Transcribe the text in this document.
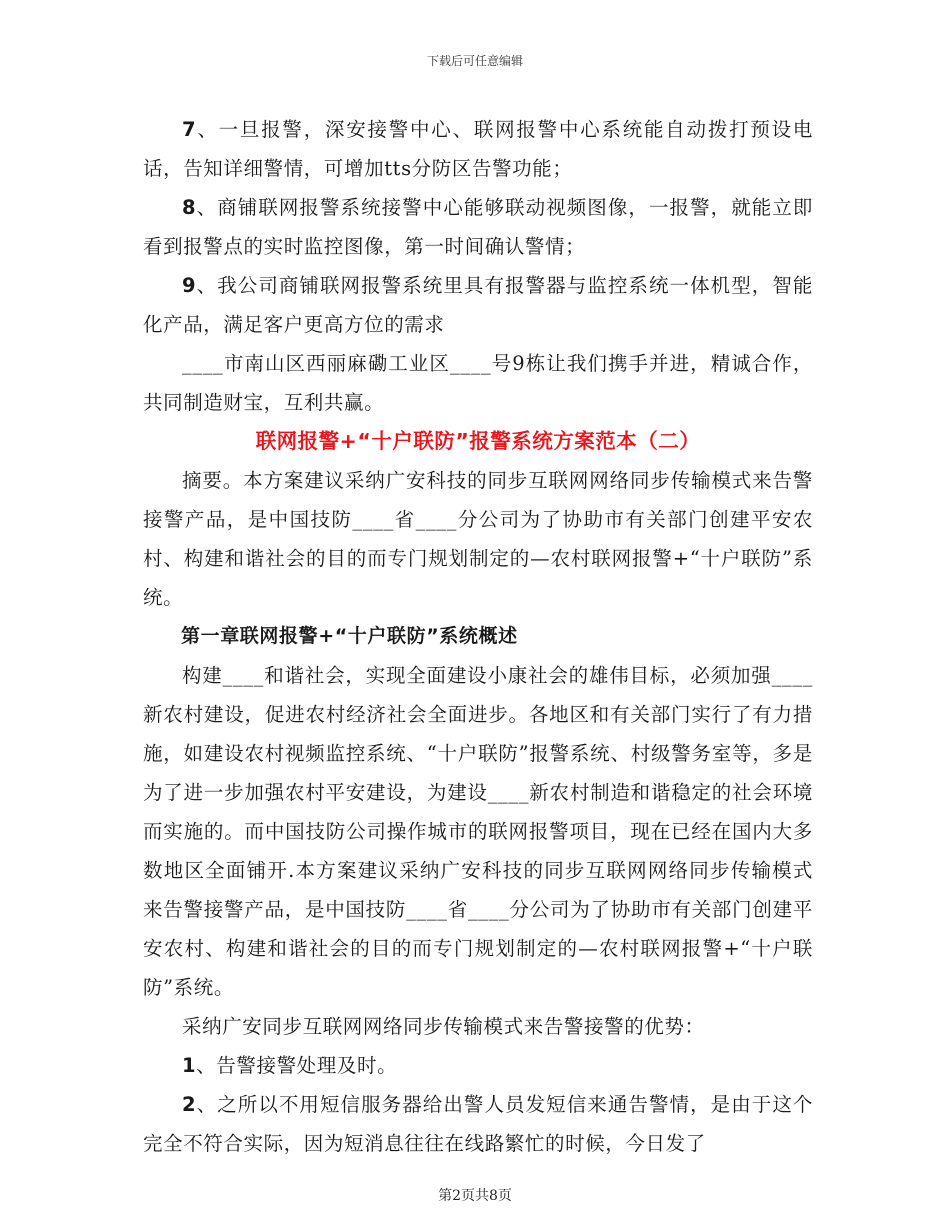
下载后可任意编辑

7、一旦报警，深安接警中心、联网报警中心系统能自动拨打预设电话，告知详细警情，可增加tts分防区告警功能；

8、商铺联网报警系统接警中心能够联动视频图像，一报警，就能立即看到报警点的实时监控图像，第一时间确认警情；

9、我公司商铺联网报警系统里具有报警器与监控系统一体机型，智能化产品，满足客户更高方位的需求

____市南山区西丽麻磡工业区____号9栋让我们携手并进，精诚合作，共同制造财宝，互利共赢。

联网报警+“十户联防”报警系统方案范本（二）

摘要。本方案建议采纳广安科技的同步互联网网络同步传输模式来告警接警产品，是中国技防____省____分公司为了协助市有关部门创建平安农村、构建和谐社会的目的而专门规划制定的—农村联网报警+“十户联防”系统。

第一章联网报警+“十户联防”系统概述

构建____和谐社会，实现全面建设小康社会的雄伟目标，必须加强____新农村建设，促进农村经济社会全面进步。各地区和有关部门实行了有力措施，如建设农村视频监控系统、“十户联防”报警系统、村级警务室等，多是为了进一步加强农村平安建设，为建设____新农村制造和谐稳定的社会环境而实施的。而中国技防公司操作城市的联网报警项目，现在已经在国内大多数地区全面铺开.本方案建议采纳广安科技的同步互联网网络同步传输模式来告警接警产品，是中国技防____省____分公司为了协助市有关部门创建平安农村、构建和谐社会的目的而专门规划制定的—农村联网报警+“十户联防”系统。

采纳广安同步互联网网络同步传输模式来告警接警的优势：

1、告警接警处理及时。

2、之所以不用短信服务器给出警人员发短信来通告警情，是由于这个完全不符合实际，因为短消息往往在线路繁忙的时候，今日发了

第2页共8页
